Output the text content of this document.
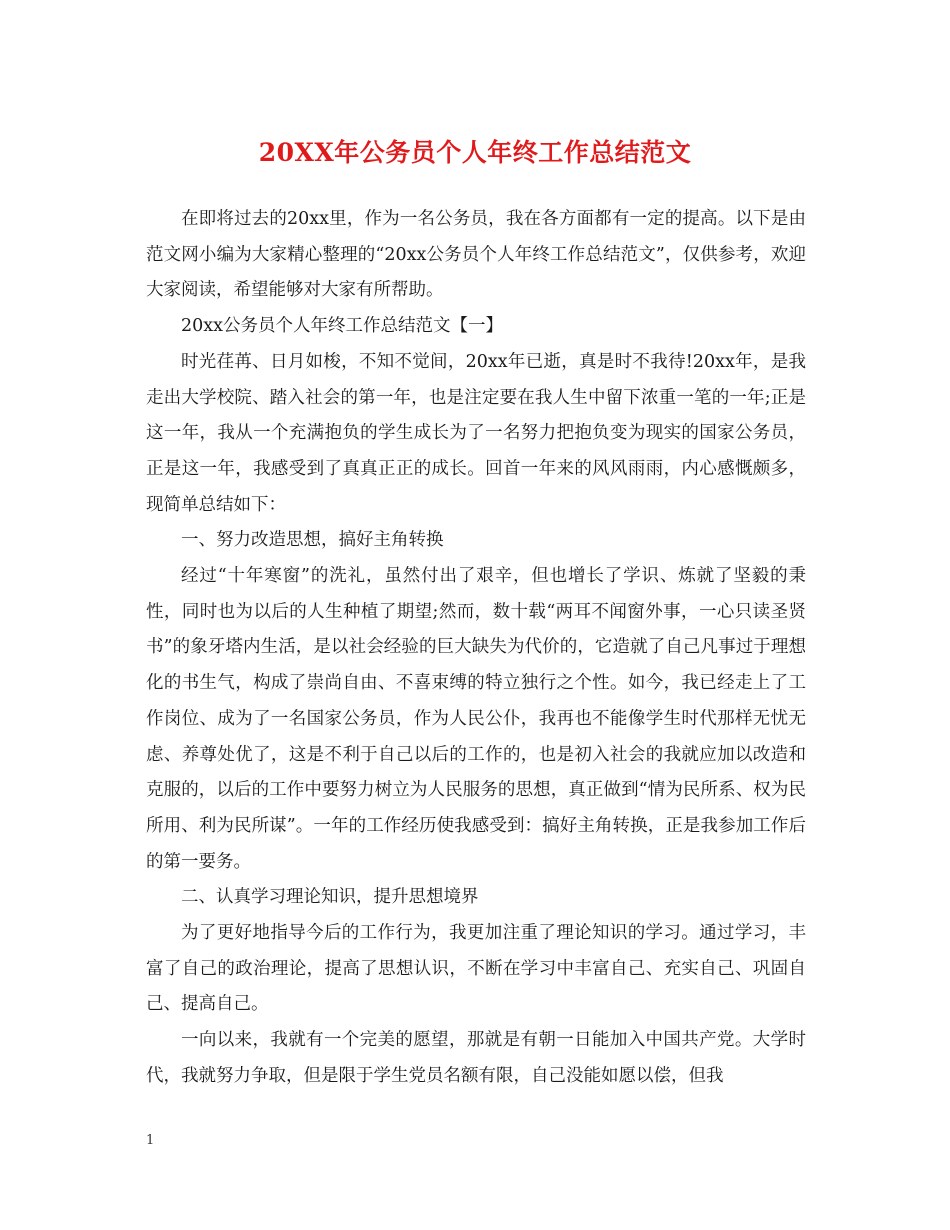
20XX年公务员个人年终工作总结范文

在即将过去的20xx里，作为一名公务员，我在各方面都有一定的提高。以下是由范文网小编为大家精心整理的“20xx公务员个人年终工作总结范文”，仅供参考，欢迎大家阅读，希望能够对大家有所帮助。

20xx公务员个人年终工作总结范文【一】

时光荏苒、日月如梭，不知不觉间，20xx年已逝，真是时不我待!20xx年，是我走出大学校院、踏入社会的第一年，也是注定要在我人生中留下浓重一笔的一年;正是这一年，我从一个充满抱负的学生成长为了一名努力把抱负变为现实的国家公务员，正是这一年，我感受到了真真正正的成长。回首一年来的风风雨雨，内心感慨颇多，现简单总结如下：

一、努力改造思想，搞好主角转换

经过“十年寒窗”的洗礼，虽然付出了艰辛，但也增长了学识、炼就了坚毅的秉性，同时也为以后的人生种植了期望;然而，数十载“两耳不闻窗外事，一心只读圣贤书”的象牙塔内生活，是以社会经验的巨大缺失为代价的，它造就了自己凡事过于理想化的书生气，构成了崇尚自由、不喜束缚的特立独行之个性。如今，我已经走上了工作岗位、成为了一名国家公务员，作为人民公仆，我再也不能像学生时代那样无忧无虑、养尊处优了，这是不利于自己以后的工作的，也是初入社会的我就应加以改造和克服的，以后的工作中要努力树立为人民服务的思想，真正做到“情为民所系、权为民所用、利为民所谋”。一年的工作经历使我感受到：搞好主角转换，正是我参加工作后的第一要务。

二、认真学习理论知识，提升思想境界

为了更好地指导今后的工作行为，我更加注重了理论知识的学习。通过学习，丰富了自己的政治理论，提高了思想认识，不断在学习中丰富自己、充实自己、巩固自己、提高自己。

一向以来，我就有一个完美的愿望，那就是有朝一日能加入中国共产党。大学时代，我就努力争取，但是限于学生党员名额有限，自己没能如愿以偿，但我

1
